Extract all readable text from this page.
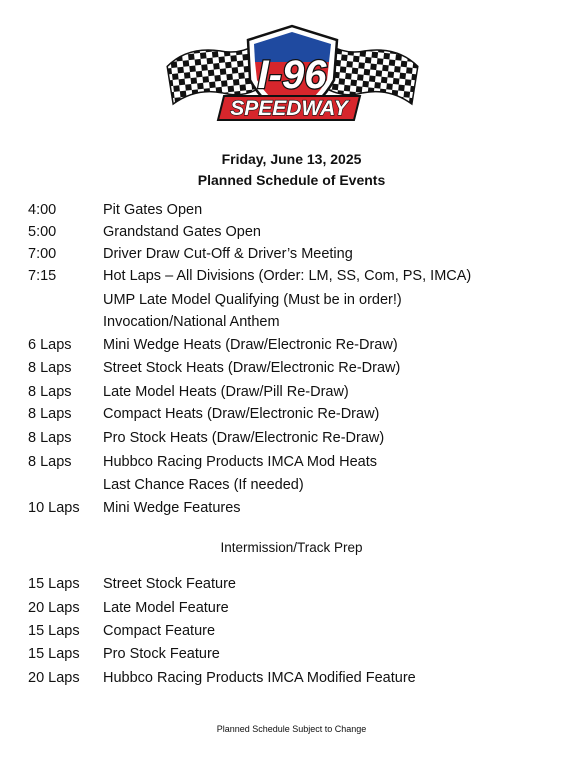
I-96
SPEEDWAY
Friday, June 13, 2025
Planned Schedule of Events
4:00	Pit Gates Open
5:00	Grandstand Gates Open
7:00	Driver Draw Cut-Off & Driver’s Meeting
7:15	Hot Laps – All Divisions (Order: LM, SS, Com, PS, IMCA)
UMP Late Model Qualifying (Must be in order!)
Invocation/National Anthem
6 Laps Mini Wedge Heats (Draw/Electronic Re-Draw)
8 Laps Street Stock Heats (Draw/Electronic Re-Draw)
8 Laps Late Model Heats (Draw/Pill Re-Draw)
8 Laps Compact Heats (Draw/Electronic Re-Draw)
8 Laps Pro Stock Heats (Draw/Electronic Re-Draw)
8 Laps Hubbco Racing Products IMCA Mod Heats
Last Chance Races (If needed)
10 Laps Mini Wedge Features
Intermission/Track Prep
15 Laps Street Stock Feature
20 Laps Late Model Feature
15 Laps Compact Feature
15 Laps Pro Stock Feature
20 Laps Hubbco Racing Products IMCA Modified Feature
Planned Schedule Subject to Change
